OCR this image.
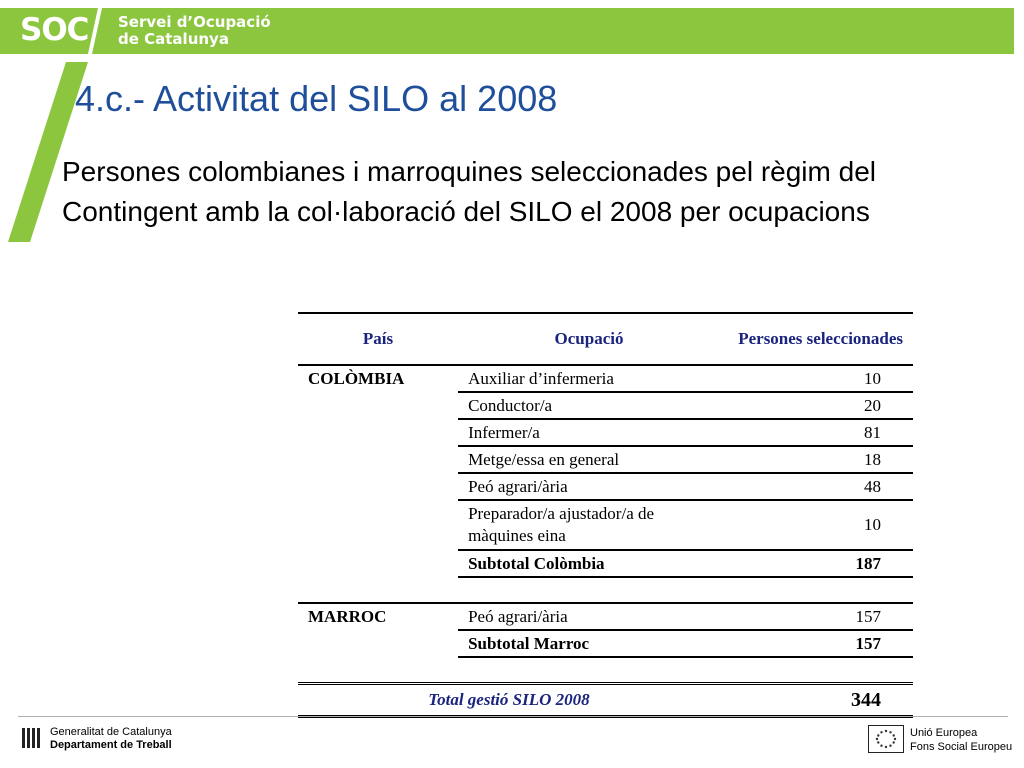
SOC Servei d’Ocupació
de Catalunya
4.c.- Activitat del SILO al 2008
Persones colombianes i marroquines seleccionades pel règim del Contingent amb la col·laboració del SILO el 2008 per ocupacions
País	Ocupació	Persones seleccionades
COLÒMBIA	Auxiliar d’infermeria	10
	Conductor/a	20
	Infermer/a	81
	Metge/essa en general	18
	Peó agrari/ària	48
	Preparador/a ajustador/a de màquines eina	10
	Subtotal Colòmbia	187

MARROC	Peó agrari/ària	157
	Subtotal Marroc	157

Total gestió SILO 2008		344
Generalitat de Catalunya
Departament de Treball
Unió Europea
Fons Social Europeu
